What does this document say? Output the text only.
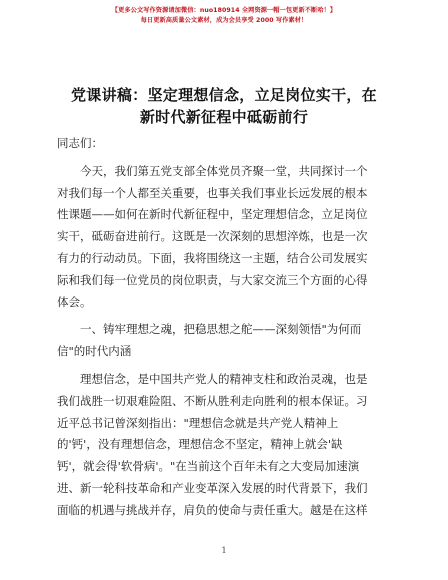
【更多公文写作资源请加微信：nuo180914 全网资源一帽一包更新不断哈！】
每日更新高质量公文素材，成为会员享受 2000 写作素材！
党课讲稿：坚定理想信念，立足岗位实干，在
新时代新征程中砥砺前行
同志们：
今天，我们第五党支部全体党员齐聚一堂，共同探讨一个
对我们每一个人都至关重要，也事关我们事业长远发展的根本
性课题——如何在新时代新征程中，坚定理想信念，立足岗位
实干，砥砺奋进前行。这既是一次深刻的思想淬炼，也是一次
有力的行动动员。下面，我将围绕这一主题，结合公司发展实
际和我们每一位党员的岗位职责，与大家交流三个方面的心得
体会。
一、铸牢理想之魂，把稳思想之舵——深刻领悟"为何而
信"的时代内涵
理想信念，是中国共产党人的精神支柱和政治灵魂，也是
我们战胜一切艰难险阻、不断从胜利走向胜利的根本保证。习
近平总书记曾深刻指出："理想信念就是共产党人精神上
的'钙'，没有理想信念，理想信念不坚定，精神上就会'缺
钙'，就会得'软骨病'。"在当前这个百年未有之大变局加速演
进、新一轮科技革命和产业变革深入发展的时代背景下，我们
面临的机遇与挑战并存，肩负的使命与责任重大。越是在这样
1
